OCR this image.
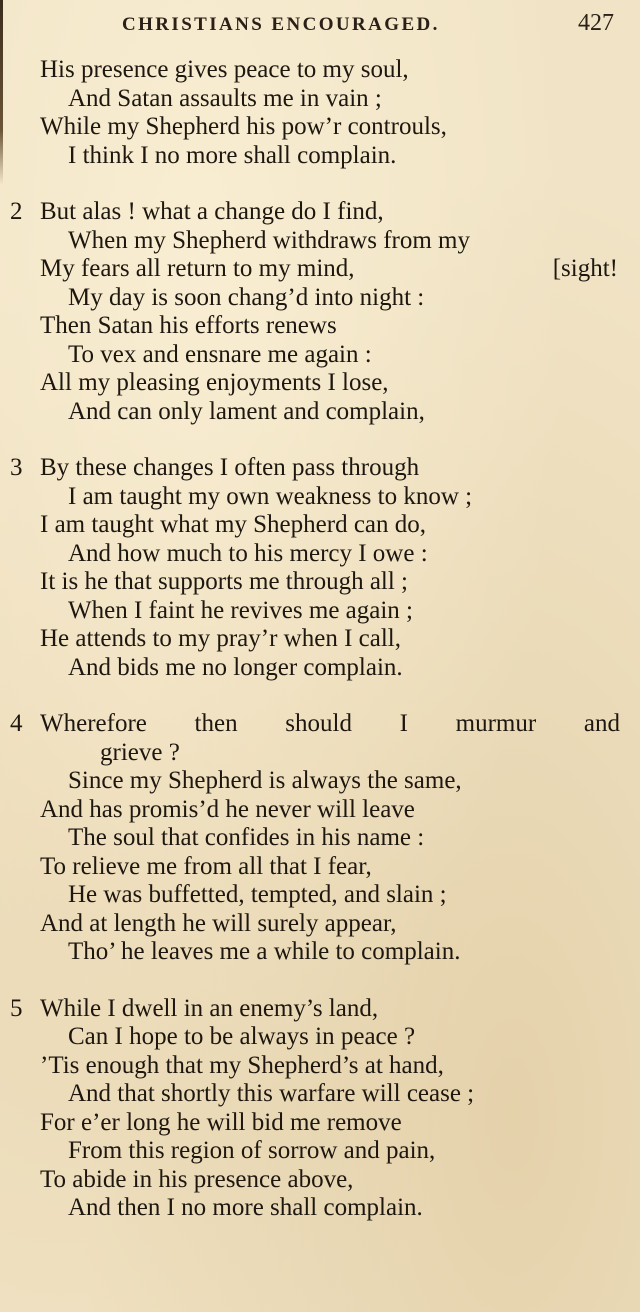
CHRISTIANS ENCOURAGED.	427
His presence gives peace to my soul,
And Satan assaults me in vain ;
While my Shepherd his pow’r controuls,
I think I no more shall complain.
2 But alas ! what a change do I find,
When my Shepherd withdraws from my
My fears all return to my mind,	[sight!
My day is soon chang’d into night :
Then Satan his efforts renews
To vex and ensnare me again :
All my pleasing enjoyments I lose,
And can only lament and complain,
3 By these changes I often pass through
I am taught my own weakness to know ;
I am taught what my Shepherd can do,
And how much to his mercy I owe :
It is he that supports me through all ;
When I faint he revives me again ;
He attends to my pray’r when I call,
And bids me no longer complain.
4 Wherefore then should I murmur and
grieve ?
Since my Shepherd is always the same,
And has promis’d he never will leave
The soul that confides in his name :
To relieve me from all that I fear,
He was buffetted, tempted, and slain ;
And at length he will surely appear,
Tho’ he leaves me a while to complain.
5 While I dwell in an enemy’s land,
Can I hope to be always in peace ?
’Tis enough that my Shepherd’s at hand,
And that shortly this warfare will cease ;
For e’er long he will bid me remove
From this region of sorrow and pain,
To abide in his presence above,
And then I no more shall complain.
